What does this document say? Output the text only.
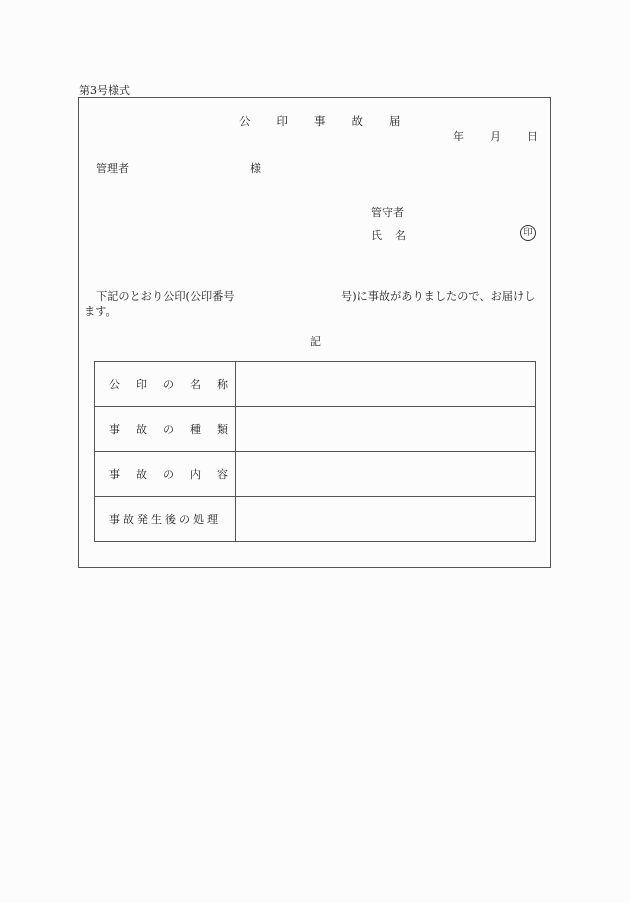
第3号様式
公 印 事 故 届
年 月 日
管理者	様
管守者
氏 名	印
下記のとおり公印(公印番号	号)に事故がありましたので、お届けし
ます。
記
公 印 の 名 称	
事 故 の 種 類	
事 故 の 内 容	
事 故 発 生 後 の 処 理	
